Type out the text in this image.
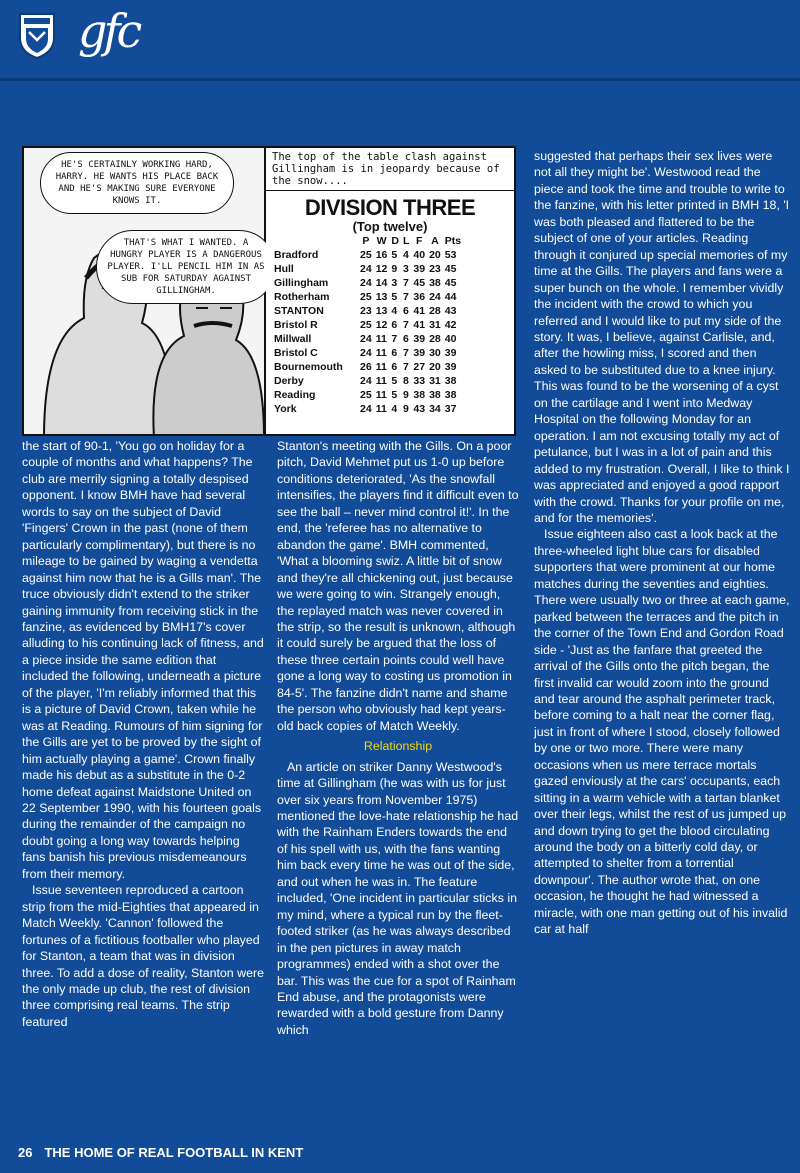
gfc
HE'S CERTAINLY WORKING HARD, HARRY. HE WANTS HIS PLACE BACK AND HE'S MAKING SURE EVERYONE KNOWS IT.
THAT'S WHAT I WANTED. A HUNGRY PLAYER IS A DANGEROUS PLAYER. I'LL PENCIL HIM IN AS SUB FOR SATURDAY AGAINST GILLINGHAM.
The top of the table clash against Gillingham is in jeopardy because of the snow....
DIVISION THREE
(Top twelve)
	P	W	D	L	F	A	Pts
Bradford	25	16	5	4	40	20	53
Hull	24	12	9	3	39	23	45
Gillingham	24	14	3	7	45	38	45
Rotherham	25	13	5	7	36	24	44
STANTON	23	13	4	6	41	28	43
Bristol R	25	12	6	7	41	31	42
Millwall	24	11	7	6	39	28	40
Bristol C	24	11	6	7	39	30	39
Bournemouth	26	11	6	7	27	20	39
Derby	24	11	5	8	33	31	38
Reading	25	11	5	9	38	38	38
York	24	11	4	9	43	34	37

the start of 90-1, 'You go on holiday for a couple of months and what happens? The club are merrily signing a totally despised opponent. I know BMH have had several words to say on the subject of David 'Fingers' Crown in the past (none of them particularly complimentary), but there is no mileage to be gained by waging a vendetta against him now that he is a Gills man'. The truce obviously didn't extend to the striker gaining immunity from receiving stick in the fanzine, as evidenced by BMH17's cover alluding to his continuing lack of fitness, and a piece inside the same edition that included the following, underneath a picture of the player, 'I'm reliably informed that this is a picture of David Crown, taken while he was at Reading. Rumours of him signing for the Gills are yet to be proved by the sight of him actually playing a game'. Crown finally made his debut as a substitute in the 0-2 home defeat against Maidstone United on 22 September 1990, with his fourteen goals during the remainder of the campaign no doubt going a long way towards helping fans banish his previous misdemeanours from their memory.

Issue seventeen reproduced a cartoon strip from the mid-Eighties that appeared in Match Weekly. 'Cannon' followed the fortunes of a fictitious footballer who played for Stanton, a team that was in division three. To add a dose of reality, Stanton were the only made up club, the rest of division three comprising real teams. The strip featured

Stanton's meeting with the Gills. On a poor pitch, David Mehmet put us 1-0 up before conditions deteriorated, 'As the snowfall intensifies, the players find it difficult even to see the ball – never mind control it!'. In the end, the 'referee has no alternative to abandon the game'. BMH commented, 'What a blooming swiz. A little bit of snow and they're all chickening out, just because we were going to win. Strangely enough, the replayed match was never covered in the strip, so the result is unknown, although it could surely be argued that the loss of these three certain points could well have gone a long way to costing us promotion in 84-5'. The fanzine didn't name and shame the person who obviously had kept years-old back copies of Match Weekly.

Relationship

An article on striker Danny Westwood's time at Gillingham (he was with us for just over six years from November 1975) mentioned the love-hate relationship he had with the Rainham Enders towards the end of his spell with us, with the fans wanting him back every time he was out of the side, and out when he was in. The feature included, 'One incident in particular sticks in my mind, where a typical run by the fleet-footed striker (as he was always described in the pen pictures in away match programmes) ended with a shot over the bar. This was the cue for a spot of Rainham End abuse, and the protagonists were rewarded with a bold gesture from Danny which

suggested that perhaps their sex lives were not all they might be'. Westwood read the piece and took the time and trouble to write to the fanzine, with his letter printed in BMH 18, 'I was both pleased and flattered to be the subject of one of your articles. Reading through it conjured up special memories of my time at the Gills. The players and fans were a super bunch on the whole. I remember vividly the incident with the crowd to which you referred and I would like to put my side of the story. It was, I believe, against Carlisle, and, after the howling miss, I scored and then asked to be substituted due to a knee injury. This was found to be the worsening of a cyst on the cartilage and I went into Medway Hospital on the following Monday for an operation. I am not excusing totally my act of petulance, but I was in a lot of pain and this added to my frustration. Overall, I like to think I was appreciated and enjoyed a good rapport with the crowd. Thanks for your profile on me, and for the memories'.

Issue eighteen also cast a look back at the three-wheeled light blue cars for disabled supporters that were prominent at our home matches during the seventies and eighties. There were usually two or three at each game, parked between the terraces and the pitch in the corner of the Town End and Gordon Road side - 'Just as the fanfare that greeted the arrival of the Gills onto the pitch began, the first invalid car would zoom into the ground and tear around the asphalt perimeter track, before coming to a halt near the corner flag, just in front of where I stood, closely followed by one or two more. There were many occasions when us mere terrace mortals gazed enviously at the cars' occupants, each sitting in a warm vehicle with a tartan blanket over their legs, whilst the rest of us jumped up and down trying to get the blood circulating around the body on a bitterly cold day, or attempted to shelter from a torrential downpour'. The author wrote that, on one occasion, he thought he had witnessed a miracle, with one man getting out of his invalid car at half

26 THE HOME OF REAL FOOTBALL IN KENT
